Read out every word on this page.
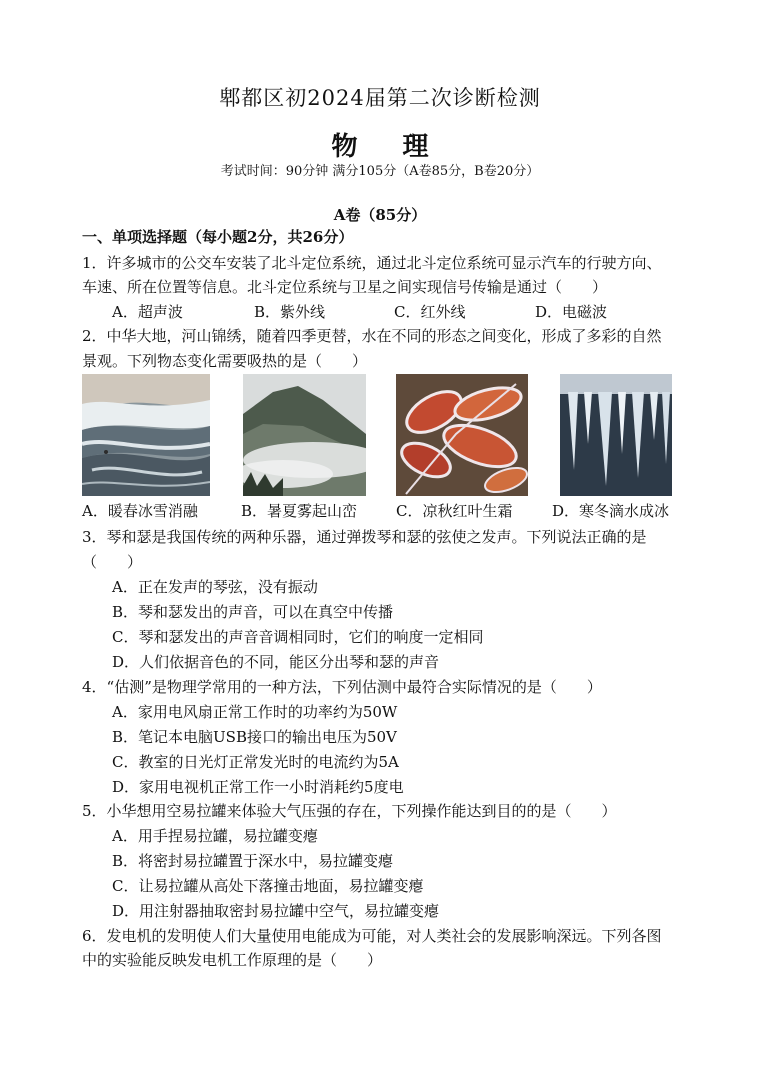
郫都区初2024届第二次诊断检测
物 理
考试时间：90分钟 满分105分（A卷85分，B卷20分）
A卷（85分）
一、单项选择题（每小题2分，共26分）
1．许多城市的公交车安装了北斗定位系统，通过北斗定位系统可显示汽车的行驶方向、
车速、所在位置等信息。北斗定位系统与卫星之间实现信号传输是通过（　　）
A．超声波	B．紫外线	C．红外线	D．电磁波
2．中华大地，河山锦绣，随着四季更替，水在不同的形态之间变化，形成了多彩的自然
景观。下列物态变化需要吸热的是（　　）
A．暖春冰雪消融	B．暑夏雾起山峦	C．凉秋红叶生霜	D．寒冬滴水成冰
3．琴和瑟是我国传统的两种乐器，通过弹拨琴和瑟的弦使之发声。下列说法正确的是
（　　）
A．正在发声的琴弦，没有振动
B．琴和瑟发出的声音，可以在真空中传播
C．琴和瑟发出的声音音调相同时，它们的响度一定相同
D．人们依据音色的不同，能区分出琴和瑟的声音
4．“估测”是物理学常用的一种方法，下列估测中最符合实际情况的是（　　）
A．家用电风扇正常工作时的功率约为50W
B．笔记本电脑USB接口的输出电压为50V
C．教室的日光灯正常发光时的电流约为5A
D．家用电视机正常工作一小时消耗约5度电
5．小华想用空易拉罐来体验大气压强的存在，下列操作能达到目的的是（　　）
A．用手捏易拉罐，易拉罐变瘪
B．将密封易拉罐置于深水中，易拉罐变瘪
C．让易拉罐从高处下落撞击地面，易拉罐变瘪
D．用注射器抽取密封易拉罐中空气，易拉罐变瘪
6．发电机的发明使人们大量使用电能成为可能，对人类社会的发展影响深远。下列各图
中的实验能反映发电机工作原理的是（　　）
